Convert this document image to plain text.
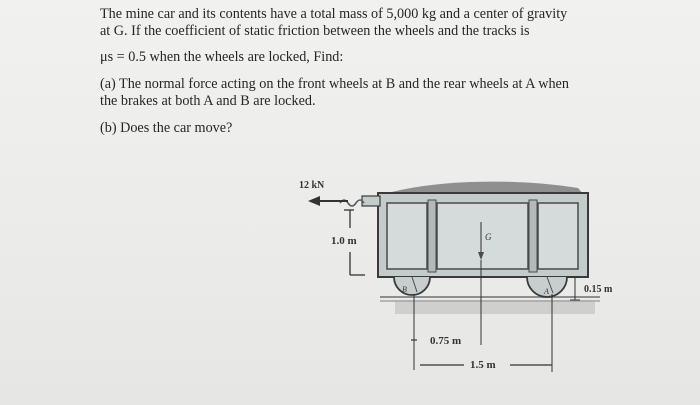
The mine car and its contents have a total mass of 5,000 kg and a center of gravity

at G. If the coefficient of static friction between the wheels and the tracks is

μs = 0.5 when the wheels are locked, Find:

(a) The normal force acting on the front wheels at B and the rear wheels at A when

the brakes at both A and B are locked.

(b) Does the car move?

12 kN
1.0 m
B	A
G
0.15 m
0.75 m
1.5 m
